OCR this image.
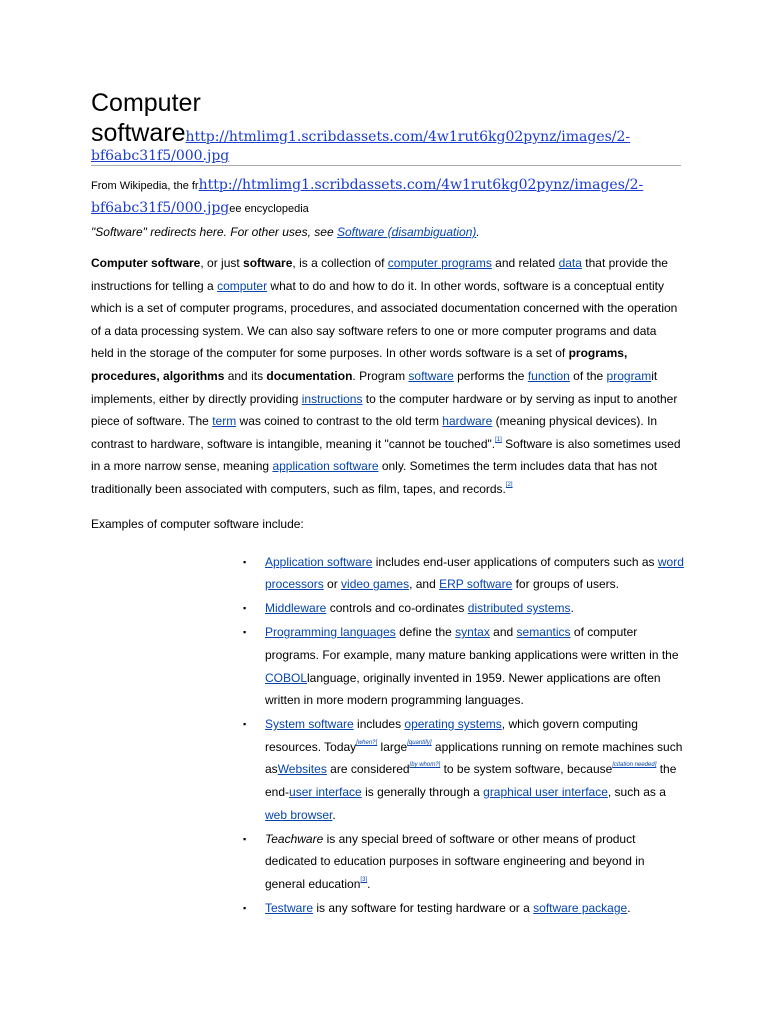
Computer softwarehttp://htmlimg1.scribdassets.com/4w1rut6kg02pynz/images/2-
bf6abc31f5/000.jpg
From Wikipedia, the frhttp://htmlimg1.scribdassets.com/4w1rut6kg02pynz/images/2-
bf6abc31f5/000.jpgee encyclopedia
"Software" redirects here. For other uses, see Software (disambiguation).

Computer software, or just software, is a collection of computer programs and related data that provide the instructions for telling a computer what to do and how to do it. In other words, software is a conceptual entity which is a set of computer programs, procedures, and associated documentation concerned with the operation of a data processing system. We can also say software refers to one or more computer programs and data held in the storage of the computer for some purposes. In other words software is a set of programs, procedures, algorithms and its documentation. Program software performs the function of the programit implements, either by directly providing instructions to the computer hardware or by serving as input to another piece of software. The term was coined to contrast to the old term hardware (meaning physical devices). In contrast to hardware, software is intangible, meaning it "cannot be touched".[1] Software is also sometimes used in a more narrow sense, meaning application software only. Sometimes the term includes data that has not traditionally been associated with computers, such as film, tapes, and records.[2]

Examples of computer software include:

▪ Application software includes end-user applications of computers such as word processors or video games, and ERP software for groups of users.
▪ Middleware controls and co-ordinates distributed systems.
▪ Programming languages define the syntax and semantics of computer programs. For example, many mature banking applications were written in the COBOLlanguage, originally invented in 1959. Newer applications are often written in more modern programming languages.
▪ System software includes operating systems, which govern computing resources. Today[when?] large[quantify] applications running on remote machines such asWebsites are considered[by whom?] to be system software, because[citation needed] the end-user interface is generally through a graphical user interface, such as a web browser.
▪ Teachware is any special breed of software or other means of product dedicated to education purposes in software engineering and beyond in general education[3].
▪ Testware is any software for testing hardware or a software package.
